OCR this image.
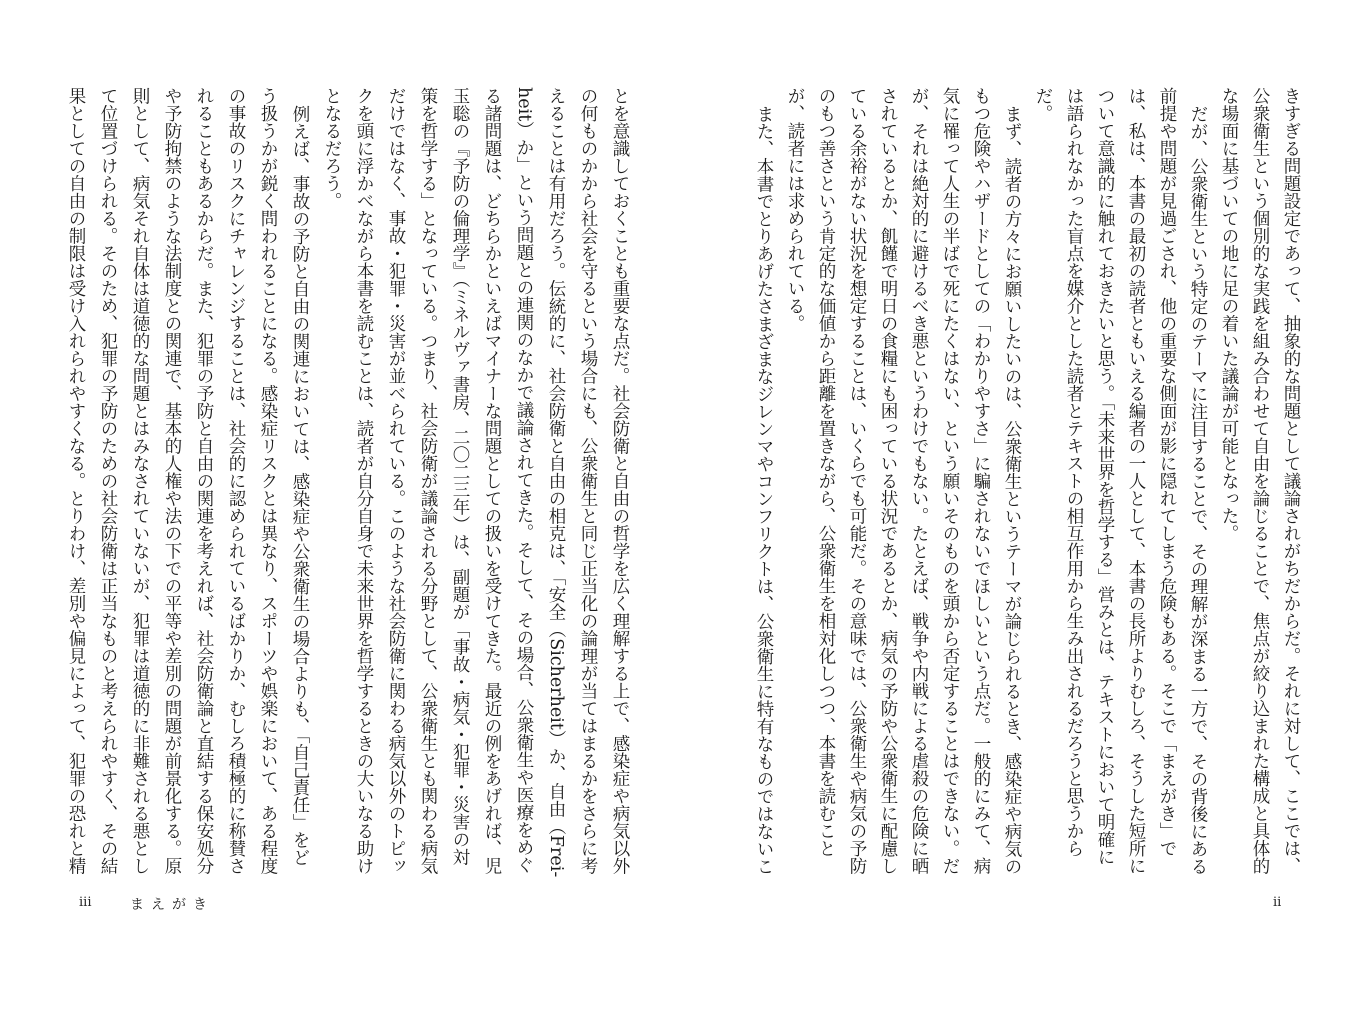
きすぎる問題設定であって、抽象的な問題として議論されがちだからだ。それに対して、ここでは、
公衆衛生という個別的な実践を組み合わせて自由を論じることで、焦点が絞り込まれた構成と具体的
な場面に基づいての地に足の着いた議論が可能となった。
だが、公衆衛生という特定のテーマに注目することで、その理解が深まる一方で、その背後にある
前提や問題が見過ごされ、他の重要な側面が影に隠れてしまう危険もある。そこで「まえがき」で
は、私は、本書の最初の読者ともいえる編者の一人として、本書の長所よりむしろ、そうした短所に
ついて意識的に触れておきたいと思う。「未来世界を哲学する」営みとは、テキストにおいて明確に
は語られなかった盲点を媒介とした読者とテキストの相互作用から生み出されるだろうと思うから
だ。
まず、読者の方々にお願いしたいのは、公衆衛生というテーマが論じられるとき、感染症や病気の
もつ危険やハザードとしての「わかりやすさ」に騙されないでほしいという点だ。一般的にみて、病
気に罹って人生の半ばで死にたくはない、という願いそのものを頭から否定することはできない。だ
が、それは絶対的に避けるべき悪というわけでもない。たとえば、戦争や内戦による虐殺の危険に晒
されているとか、飢饉で明日の食糧にも困っている状況であるとか、病気の予防や公衆衛生に配慮し
ている余裕がない状況を想定することは、いくらでも可能だ。その意味では、公衆衛生や病気の予防
のもつ善さという肯定的な価値から距離を置きながら、公衆衛生を相対化しつつ、本書を読むこと
が、読者には求められている。
また、本書でとりあげたさまざまなジレンマやコンフリクトは、公衆衛生に特有なものではないこ
ii
とを意識しておくことも重要な点だ。社会防衛と自由の哲学を広く理解する上で、感染症や病気以外
の何ものかから社会を守るという場合にも、公衆衛生と同じ正当化の論理が当てはまるかをさらに考
えることは有用だろう。伝統的に、社会防衛と自由の相克は、「安全（Sicherheit）か、自由（Frei-
heit）か」という問題との連関のなかで議論されてきた。そして、その場合、公衆衛生や医療をめぐ
る諸問題は、どちらかといえばマイナーな問題としての扱いを受けてきた。最近の例をあげれば、児
玉聡の『予防の倫理学』（ミネルヴァ書房、二〇二三年）は、副題が「事故・病気・犯罪・災害の対
策を哲学する」となっている。つまり、社会防衛が議論される分野として、公衆衛生とも関わる病気
だけではなく、事故・犯罪・災害が並べられている。このような社会防衛に関わる病気以外のトピッ
クを頭に浮かべながら本書を読むことは、読者が自分自身で未来世界を哲学するときの大いなる助け
となるだろう。
例えば、事故の予防と自由の関連においては、感染症や公衆衛生の場合よりも、「自己責任」をど
う扱うかが鋭く問われることになる。感染症リスクとは異なり、スポーツや娯楽において、ある程度
の事故のリスクにチャレンジすることは、社会的に認められているばかりか、むしろ積極的に称賛さ
れることもあるからだ。また、犯罪の予防と自由の関連を考えれば、社会防衛論と直結する保安処分
や予防拘禁のような法制度との関連で、基本的人権や法の下での平等や差別の問題が前景化する。原
則として、病気それ自体は道徳的な問題とはみなされていないが、犯罪は道徳的に非難される悪とし
て位置づけられる。そのため、犯罪の予防のための社会防衛は正当なものと考えられやすく、その結
果としての自由の制限は受け入れられやすくなる。とりわけ、差別や偏見によって、犯罪の恐れと精
iii	まえがき
